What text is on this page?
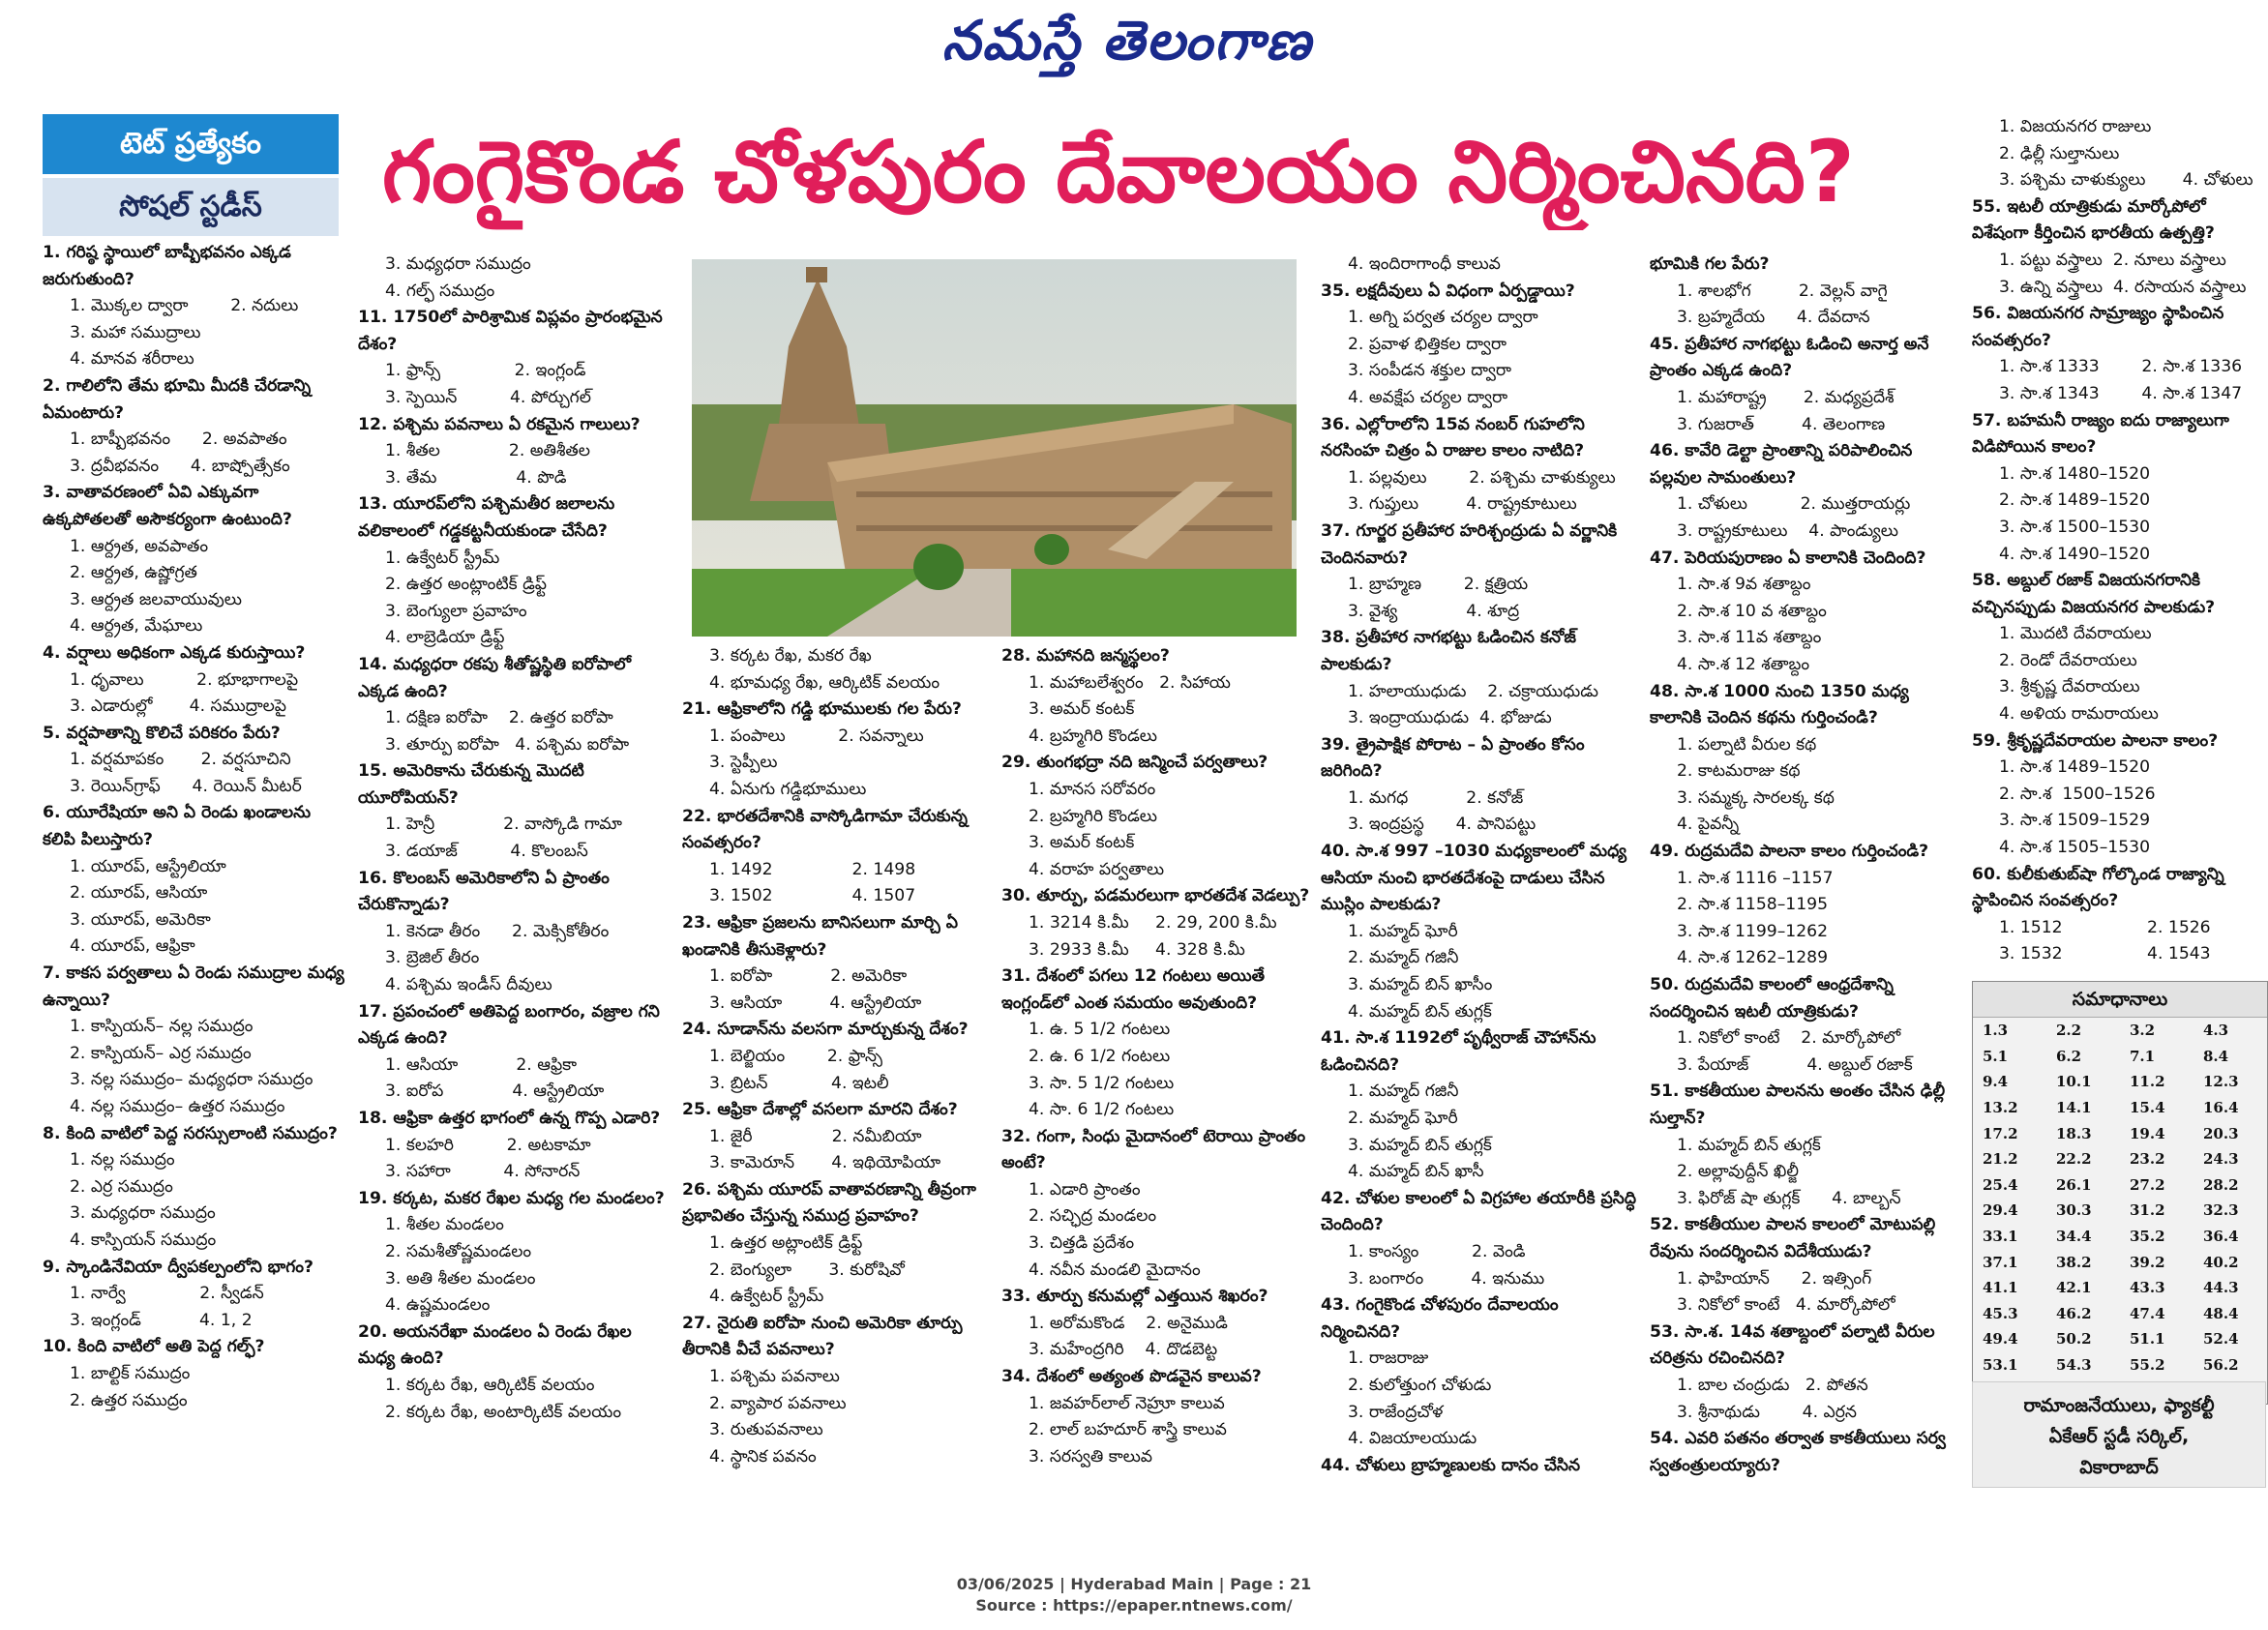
నమస్తే తెలంగాణ
టెట్ ప్రత్యేకం
సోషల్ స్టడీస్	గంగైకొండ చోళపురం దేవాలయం నిర్మించినది?
1. గరిష్ఠ స్థాయిలో బాష్పీభవనం ఎక్కడ జరుగుతుంది?
1. మొక్కల ద్వారా        2. నదులు
3. మహా సముద్రాలు
4. మానవ శరీరాలు
2. గాలిలోని తేమ భూమి మీదకి చేరడాన్ని ఏమంటారు?
1. బాష్పీభవనం      2. అవపాతం
3. ద్రవీభవనం      4. బాష్పోత్సేకం
3. వాతావరణంలో ఏవి ఎక్కువగా ఉక్కపోతలతో అసౌకర్యంగా ఉంటుంది?
1. ఆర్ద్రత, అవపాతం
2. ఆర్ద్రత, ఉష్ణోగ్రత
3. ఆర్ద్రత జలవాయువులు
4. ఆర్ద్రత, మేఘాలు
4. వర్షాలు అధికంగా ఎక్కడ కురుస్తాయి?
1. ధృవాలు          2. భూభాగాలపై
3. ఎడారుల్లో       4. సముద్రాలపై
5. వర్షపాతాన్ని కొలిచే పరికరం పేరు?
1. వర్షమాపకం       2. వర్షసూచిని
3. రెయిన్‌గ్రాఫ్      4. రెయిన్ మీటర్
6. యూరేషియా అని ఏ రెండు ఖండాలను కలిపి పిలుస్తారు?
1. యూరప్, ఆస్ట్రేలియా
2. యూరప్, ఆసియా
3. యూరప్, అమెరికా
4. యూరప్, ఆఫ్రికా
7. కాకస పర్వతాలు ఏ రెండు సముద్రాల మధ్య ఉన్నాయి?
1. కాస్పియన్– నల్ల సముద్రం
2. కాస్పియన్– ఎర్ర సముద్రం
3. నల్ల సముద్రం– మధ్యధరా సముద్రం
4. నల్ల సముద్రం– ఉత్తర సముద్రం
8. కింది వాటిలో పెద్ద సరస్సులాంటి సముద్రం?
1. నల్ల సముద్రం
2. ఎర్ర సముద్రం
3. మధ్యధరా సముద్రం
4. కాస్పియన్ సముద్రం
9. స్కాండినేవియా ద్వీపకల్పంలోని భాగం?
1. నార్వే              2. స్వీడన్
3. ఇంగ్లండ్           4. 1, 2
10. కింది వాటిలో అతి పెద్ద గల్ఫ్?
1. బాల్టిక్ సముద్రం
2. ఉత్తర సముద్రం
3. మధ్యధరా సముద్రం
4. గల్ఫ్ సముద్రం
11. 1750లో పారిశ్రామిక విప్లవం ప్రారంభమైన దేశం?
1. ఫ్రాన్స్              2. ఇంగ్లండ్
3. స్పెయిన్          4. పోర్చుగల్
12. పశ్చిమ పవనాలు ఏ రకమైన గాలులు?
1. శీతల             2. అతిశీతల
3. తేమ               4. పొడి
13. యూరప్‌లోని పశ్చిమతీర జలాలను వలికాలంలో గడ్డకట్టనీయకుండా చేసేది?
1. ఉక్వేటర్ స్ట్రీమ్
2. ఉత్తర అంట్లాంటిక్ డ్రిఫ్ట్
3. బెంగ్యులా ప్రవాహం
4. లాబ్రెడియా డ్రిఫ్ట్
14. మధ్యధరా రకపు శీతోష్ణస్థితి ఐరోపాలో ఎక్కడ ఉంది?
1. దక్షిణ ఐరోపా    2. ఉత్తర ఐరోపా
3. తూర్పు ఐరోపా   4. పశ్చిమ ఐరోపా
15. అమెరికాను చేరుకున్న మొదటి యూరోపియన్?
1. హెన్రీ             2. వాస్కోడి గామా
3. డయాజ్          4. కొలంబస్
16. కొలంబస్ అమెరికాలోని ఏ ప్రాంతం చేరుకొన్నాడు?
1. కెనడా తీరం      2. మెక్సికోతీరం
3. బ్రెజిల్ తీరం
4. పశ్చిమ ఇండీస్ దీవులు
17. ప్రపంచంలో అతిపెద్ద బంగారం, వజ్రాల గని ఎక్కడ ఉంది?
1. ఆసియా           2. ఆఫ్రికా
3. ఐరోప             4. ఆస్ట్రేలియా
18. ఆఫ్రికా ఉత్తర భాగంలో ఉన్న గొప్ప ఎడారి?
1. కలహరి          2. అటకామా
3. సహారా          4. సోనారన్
19. కర్కట, మకర రేఖల మధ్య గల మండలం?
1. శీతల మండలం
2. సమశీతోష్ణమండలం
3. అతి శీతల మండలం
4. ఉష్ణమండలం
20. అయనరేఖా మండలం ఏ రెండు రేఖల మధ్య ఉంది?
1. కర్కట రేఖ, ఆర్కిటిక్ వలయం
2. కర్కట రేఖ, అంటార్కిటిక్ వలయం
3. కర్కట రేఖ, మకర రేఖ
4. భూమధ్య రేఖ, ఆర్కిటిక్ వలయం
21. ఆఫ్రికాలోని గడ్డి భూములకు గల పేరు?
1. పంపాలు          2. సవన్నాలు
3. స్టెప్పీలు
4. ఏనుగు గడ్డిభూములు
22. భారతదేశానికి వాస్కోడిగామా చేరుకున్న సంవత్సరం?
1. 1492               2. 1498
3. 1502               4. 1507
23. ఆఫ్రికా ప్రజలను బానిసలుగా మార్చి ఏ ఖండానికి తీసుకెళ్లారు?
1. ఐరోపా           2. అమెరికా
3. ఆసియా         4. ఆస్ట్రేలియా
24. సూడాన్‌ను వలసగా మార్చుకున్న దేశం?
1. బెల్జియం        2. ఫ్రాన్స్
3. బ్రిటన్            4. ఇటలీ
25. ఆఫ్రికా దేశాల్లో వసలగా మారని దేశం?
1. జైరీ               2. నమీబియా
3. కామెరూన్       4. ఇథియోపియా
26. పశ్చిమ యూరప్ వాతావరణాన్ని తీవ్రంగా ప్రభావితం చేస్తున్న సముద్ర ప్రవాహం?
1. ఉత్తర అట్లాంటిక్ డ్రిఫ్ట్
2. బెంగ్యులా       3. కురోషివో
4. ఉక్వేటర్ స్ట్రీమ్
27. నైరుతి ఐరోపా నుంచి అమెరికా తూర్పు తీరానికి వీచే పవనాలు?
1. పశ్చిమ పవనాలు
2. వ్యాపార పవనాలు
3. రుతుపవనాలు
4. స్థానిక పవనం
28. మహానది జన్మస్థలం?
1. మహాబలేశ్వరం   2. సిహాయ
3. అమర్ కంటక్
4. బ్రహ్మగిరి కొండలు
29. తుంగభద్రా నది జన్మించే పర్వతాలు?
1. మానస సరోవరం
2. బ్రహ్మగిరి కొండలు
3. అమర్ కంటక్
4. వరాహ పర్వతాలు
30. తూర్పు, పడమరలుగా భారతదేశ వెడల్పు?
1. 3214 కి.మీ     2. 29, 200 కి.మీ
3. 2933 కి.మీ     4. 328 కి.మీ
31. దేశంలో పగలు 12 గంటలు అయితే ఇంగ్లండ్‌లో ఎంత సమయం అవుతుంది?
1. ఉ. 5 1/2 గంటలు
2. ఉ. 6 1/2 గంటలు
3. సా. 5 1/2 గంటలు
4. సా. 6 1/2 గంటలు
32. గంగా, సింధు మైదానంలో టెరాయి ప్రాంతం అంటే?
1. ఎడారి ప్రాంతం
2. సచ్ఛిద్ర మండలం
3. చిత్తడి ప్రదేశం
4. నవీన మండలి మైదానం
33. తూర్పు కనుమల్లో ఎత్తయిన శిఖరం?
1. అరోమకొండ    2. అనైముడి
3. మహేంద్రగిరి    4. దొడబెట్ట
34. దేశంలో అత్యంత పొడవైన కాలువ?
1. జవహర్‌లాల్ నెహ్రూ కాలువ
2. లాల్ బహదూర్ శాస్త్రి కాలువ
3. సరస్వతి కాలువ
4. ఇందిరాగాంధీ కాలువ
35. లక్షదీవులు ఏ విధంగా ఏర్పడ్డాయి?
1. అగ్ని పర్వత చర్యల ద్వారా
2. ప్రవాళ భిత్తికల ద్వారా
3. సంపీడన శక్తుల ద్వారా
4. అవక్షేప చర్యల ద్వారా
36. ఎల్లోరాలోని 15వ నంబర్ గుహలోని నరసింహ చిత్రం ఏ రాజుల కాలం నాటిది?
1. పల్లవులు        2. పశ్చిమ చాళుక్యులు
3. గుప్తులు         4. రాష్ట్రకూటులు
37. గూర్జర ప్రతీహార హరిశ్చంద్రుడు ఏ వర్ణానికి చెందినవారు?
1. బ్రాహ్మణ        2. క్షత్రియ
3. వైశ్య             4. శూద్ర
38. ప్రతీహార నాగభట్టు ఓడించిన కనోజ్ పాలకుడు?
1. హలాయుధుడు    2. చక్రాయుధుడు
3. ఇంద్రాయుధుడు  4. భోజుడు
39. త్రైపాక్షిక పోరాట – ఏ ప్రాంతం కోసం జరిగింది?
1. మగధ           2. కనోజ్
3. ఇంద్రప్రస్థ      4. పానిపట్టు
40. సా.శ 997 –1030 మధ్యకాలంలో మధ్య ఆసియా నుంచి భారతదేశంపై దాడులు చేసిన ముస్లిం పాలకుడు?
1. మహ్మద్ ఘోరీ
2. మహ్మద్ గజినీ
3. మహ్మద్ బిన్ ఖాసీం
4. మహ్మద్ బిన్ తుగ్లక్
41. సా.శ 1192లో పృథ్వీరాజ్ చౌహాన్‌ను ఓడించినది?
1. మహ్మద్ గజినీ
2. మహ్మద్ ఘోరీ
3. మహ్మద్ బిన్ తుగ్లక్
4. మహ్మద్ బిన్ ఖాసీ
42. చోళుల కాలంలో ఏ విగ్రహాల తయారీకి ప్రసిద్ధి చెందింది?
1. కాంస్యం          2. వెండి
3. బంగారం         4. ఇనుము
43. గంగైకొండ చోళపురం దేవాలయం నిర్మించినది?
1. రాజరాజు
2. కులోత్తుంగ చోళుడు
3. రాజేంద్రచోళ
4. విజయాలయుడు
44. చోళులు బ్రాహ్మణులకు దానం చేసిన
భూమికి గల పేరు?
1. శాలభోగ         2. వెల్లన్ వాగై
3. బ్రహ్మదేయ      4. దేవదాన
45. ప్రతీహార నాగభట్టు ఓడించి అనార్త అనే ప్రాంతం ఎక్కడ ఉంది?
1. మహారాష్ట్ర       2. మధ్యప్రదేశ్
3. గుజరాత్         4. తెలంగాణ
46. కావేరి డెల్టా ప్రాంతాన్ని పరిపాలించిన పల్లవుల సామంతులు?
1. చోళులు          2. ముత్తరాయర్లు
3. రాష్ట్రకూటులు    4. పాండ్యులు
47. పెరియపురాణం ఏ కాలానికి చెందింది?
1. సా.శ 9వ శతాబ్దం
2. సా.శ 10 వ శతాబ్దం
3. సా.శ 11వ శతాబ్దం
4. సా.శ 12 శతాబ్దం
48. సా.శ 1000 నుంచి 1350 మధ్య కాలానికి చెందిన కథను గుర్తించండి?
1. పల్నాటి వీరుల కథ
2. కాటమరాజు కథ
3. సమ్మక్క సారలక్క కథ
4. పైవన్నీ
49. రుద్రమదేవి పాలనా కాలం గుర్తించండి?
1. సా.శ 1116 –1157
2. సా.శ 1158–1195
3. సా.శ 1199–1262
4. సా.శ 1262–1289
50. రుద్రమదేవి కాలంలో ఆంధ్రదేశాన్ని సందర్శించిన ఇటలీ యాత్రికుడు?
1. నికోలో కాంటే    2. మార్కోపోలో
3. పేయాజ్           4. అబ్దుల్ రజాక్
51. కాకతీయుల పాలనను అంతం చేసిన ఢిల్లీ సుల్తాన్?
1. మహ్మద్ బిన్ తుగ్లక్
2. అల్లావుద్దీన్ ఖిల్జీ
3. ఫిరోజ్ షా తుగ్లక్      4. బాల్బన్
52. కాకతీయుల పాలన కాలంలో మోటుపల్లి రేవును సందర్శించిన విదేశీయుడు?
1. ఫాహియాన్      2. ఇత్సింగ్
3. నికోలో కాంటే   4. మార్కోపోలో
53. సా.శ. 14వ శతాబ్దంలో పల్నాటి వీరుల చరిత్రను రచించినది?
1. బాల చంద్రుడు   2. పోతన
3. శ్రీనాథుడు        4. ఎర్రన
54. ఎవరి పతనం తర్వాత కాకతీయులు సర్వ స్వతంత్రులయ్యారు?
1. విజయనగర రాజులు
2. ఢిల్లీ సుల్తానులు
3. పశ్చిమ చాళుక్యులు       4. చోళులు
55. ఇటలీ యాత్రికుడు మార్కోపోలో విశేషంగా కీర్తించిన భారతీయ ఉత్పత్తి?
1. పట్టు వస్త్రాలు  2. నూలు వస్త్రాలు
3. ఉన్ని వస్త్రాలు  4. రసాయన వస్త్రాలు
56. విజయనగర సామ్రాజ్యం స్థాపించిన సంవత్సరం?
1. సా.శ 1333        2. సా.శ 1336
3. సా.శ 1343        4. సా.శ 1347
57. బహమనీ రాజ్యం ఐదు రాజ్యాలుగా విడిపోయిన కాలం?
1. సా.శ 1480–1520
2. సా.శ 1489–1520
3. సా.శ 1500–1530
4. సా.శ 1490–1520
58. అబ్దుల్ రజాక్ విజయనగరానికి వచ్చినప్పుడు విజయనగర పాలకుడు?
1. మొదటి దేవరాయలు
2. రెండో దేవరాయలు
3. శ్రీకృష్ణ దేవరాయలు
4. అళియ రామరాయలు
59. శ్రీకృష్ణదేవరాయల పాలనా కాలం?
1. సా.శ 1489–1520
2. సా.శ  1500–1526
3. సా.శ 1509–1529
4. సా.శ 1505–1530
60. కులీకుతుబ్‌షా గోల్కొండ రాజ్యాన్ని స్థాపించిన సంవత్సరం?
1. 1512                2. 1526
3. 1532                4. 1543
సమాధానాలు
1.3	2.2	3.2	4.3
5.1	6.2	7.1	8.4
9.4	10.1	11.2	12.3
13.2	14.1	15.4	16.4
17.2	18.3	19.4	20.3
21.2	22.2	23.2	24.3
25.4	26.1	27.2	28.2
29.4	30.3	31.2	32.3
33.1	34.4	35.2	36.4
37.1	38.2	39.2	40.2
41.1	42.1	43.3	44.3
45.3	46.2	47.4	48.4
49.4	50.2	51.1	52.4
53.1	54.3	55.2	56.2

రామాంజనేయులు, ఫ్యాకల్టీ
ఏకేఆర్ స్టడీ సర్కిల్,
వికారాబాద్
03/06/2025 | Hyderabad Main | Page : 21
Source : https://epaper.ntnews.com/
